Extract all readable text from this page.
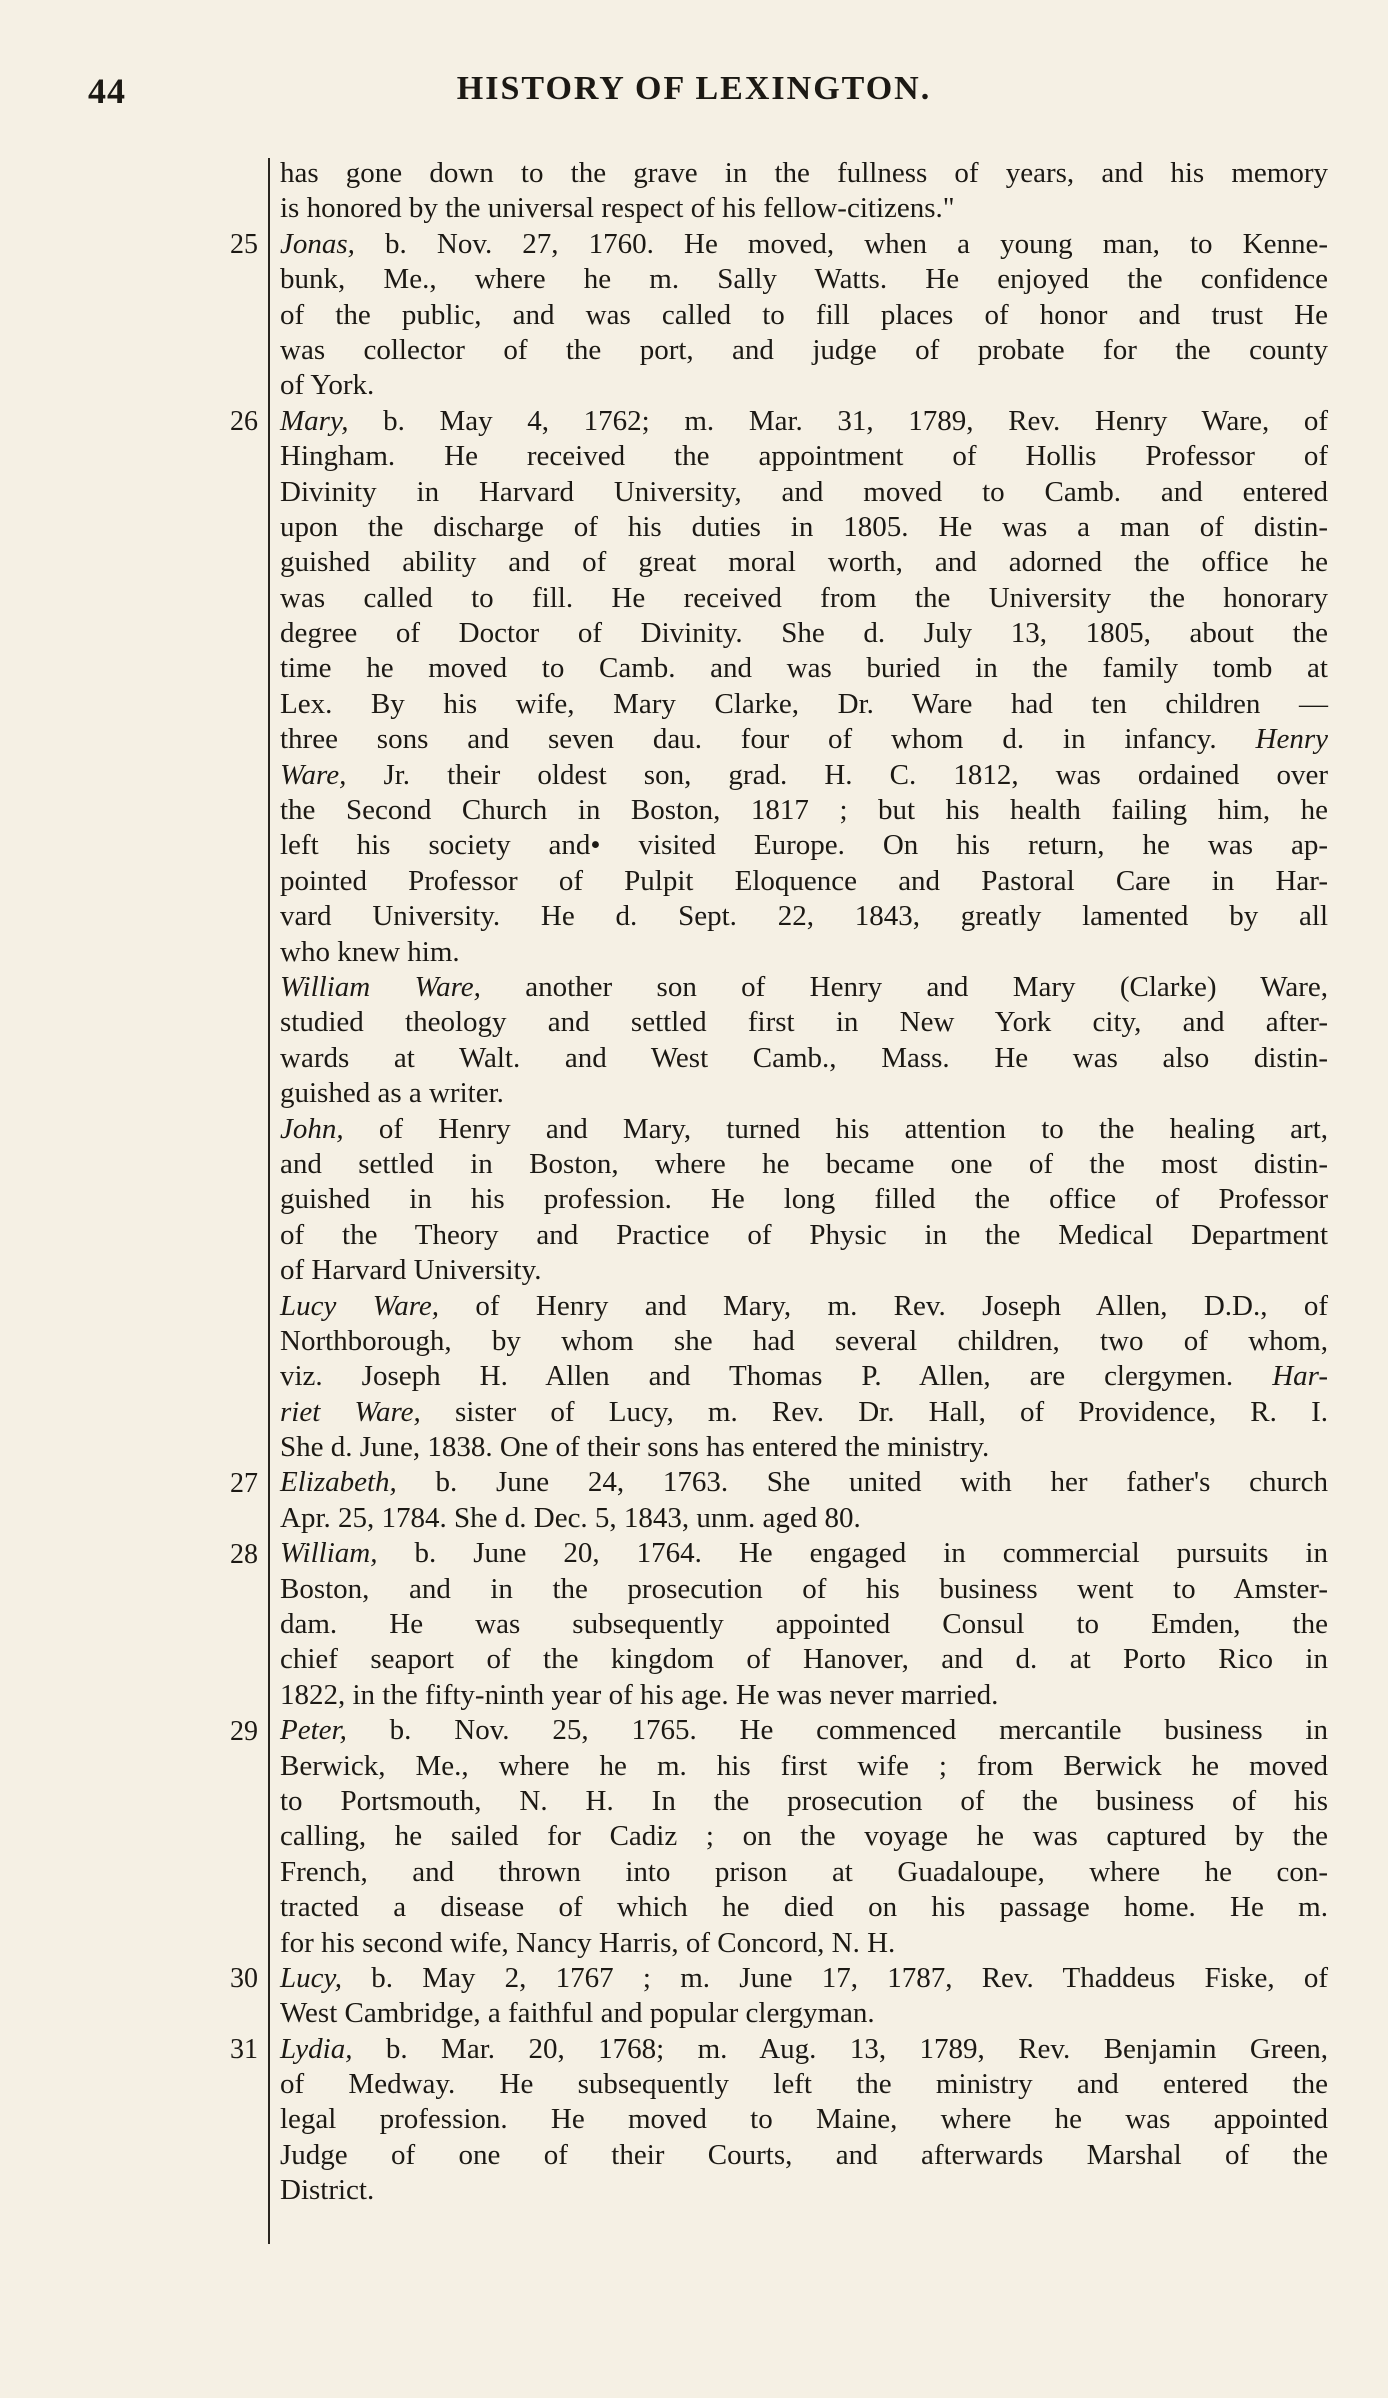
44	HISTORY OF LEXINGTON.
25
26
27
28
29
30
31
has gone down to the grave in the fullness of years, and his memory
is honored by the universal respect of his fellow-citizens."
Jonas, b. Nov. 27, 1760. He moved, when a young man, to Kenne-
bunk, Me., where he m. Sally Watts. He enjoyed the confidence
of the public, and was called to fill places of honor and trust He
was collector of the port, and judge of probate for the county
of York.
Mary, b. May 4, 1762; m. Mar. 31, 1789, Rev. Henry Ware, of
Hingham. He received the appointment of Hollis Professor of
Divinity in Harvard University, and moved to Camb. and entered
upon the discharge of his duties in 1805. He was a man of distin-
guished ability and of great moral worth, and adorned the office he
was called to fill. He received from the University the honorary
degree of Doctor of Divinity. She d. July 13, 1805, about the
time he moved to Camb. and was buried in the family tomb at
Lex. By his wife, Mary Clarke, Dr. Ware had ten children —
three sons and seven dau. four of whom d. in infancy. Henry
Ware, Jr. their oldest son, grad. H. C. 1812, was ordained over
the Second Church in Boston, 1817 ; but his health failing him, he
left his society and• visited Europe. On his return, he was ap-
pointed Professor of Pulpit Eloquence and Pastoral Care in Har-
vard University. He d. Sept. 22, 1843, greatly lamented by all
who knew him.
William Ware, another son of Henry and Mary (Clarke) Ware,
studied theology and settled first in New York city, and after-
wards at Walt. and West Camb., Mass. He was also distin-
guished as a writer.
John, of Henry and Mary, turned his attention to the healing art,
and settled in Boston, where he became one of the most distin-
guished in his profession. He long filled the office of Professor
of the Theory and Practice of Physic in the Medical Department
of Harvard University.
Lucy Ware, of Henry and Mary, m. Rev. Joseph Allen, D.D., of
Northborough, by whom she had several children, two of whom,
viz. Joseph H. Allen and Thomas P. Allen, are clergymen. Har-
riet Ware, sister of Lucy, m. Rev. Dr. Hall, of Providence, R. I.
She d. June, 1838. One of their sons has entered the ministry.
Elizabeth, b. June 24, 1763. She united with her father's church
Apr. 25, 1784. She d. Dec. 5, 1843, unm. aged 80.
William, b. June 20, 1764. He engaged in commercial pursuits in
Boston, and in the prosecution of his business went to Amster-
dam. He was subsequently appointed Consul to Emden, the
chief seaport of the kingdom of Hanover, and d. at Porto Rico in
1822, in the fifty-ninth year of his age. He was never married.
Peter, b. Nov. 25, 1765. He commenced mercantile business in
Berwick, Me., where he m. his first wife ; from Berwick he moved
to Portsmouth, N. H. In the prosecution of the business of his
calling, he sailed for Cadiz ; on the voyage he was captured by the
French, and thrown into prison at Guadaloupe, where he con-
tracted a disease of which he died on his passage home. He m.
for his second wife, Nancy Harris, of Concord, N. H.
Lucy, b. May 2, 1767 ; m. June 17, 1787, Rev. Thaddeus Fiske, of
West Cambridge, a faithful and popular clergyman.
Lydia, b. Mar. 20, 1768; m. Aug. 13, 1789, Rev. Benjamin Green,
of Medway. He subsequently left the ministry and entered the
legal profession. He moved to Maine, where he was appointed
Judge of one of their Courts, and afterwards Marshal of the
District.
